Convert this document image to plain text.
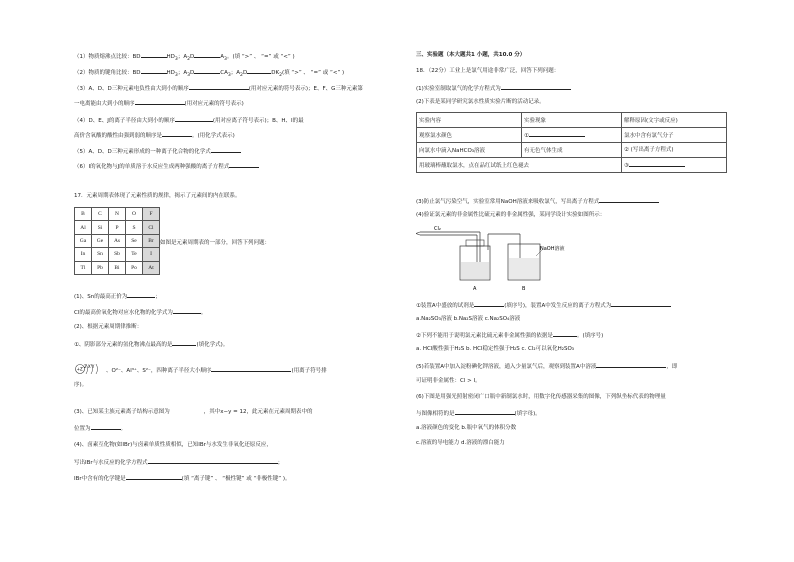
（1）物质熔沸点比较：BD	$HD_3$；$A_2D$	$A_3$。(填 “>” 、 “=” 或 “<” )
（2）物质的键角比较：BD	$HD_3$；$A_3D$	$CA_3$；$A_2D$	$DK_2$(填 “>” 、 “=” 或 “<” )
（3）A、D、D三种元素电负性由大到小的顺序	(用对应元素的符号表示)；E、F、G三种元素第
一电离能由大到小的顺序	(用对应元素的符号表示)
（4）D、E、J的离子半径由大到小的顺序	(用对应离子符号表示)；B、H、I的最
高价含氧酸的酸性由强到弱的顺序是	。(用化学式表示)
（5）A、D、D三种元素形成的一种离子化合物的化学式
（6）I的氧化物与J的单质溶于水反应生成两种强酸的离子方程式
17．元素周期表体现了元素性质的规律，揭示了元素间的内在联系。
B	C	N	O	F
Al	Si	P	S	Cl
Ga	Ge	As	Se	Br
In	Sn	Sb	Te	I
Tl	Pb	Bi	Po	At
如图是元素周期表的一部分，回答下列问题：
(1)、Sn的最高正价为	；
Cl的最高价氧化物对应水化物的化学式为	。
(2)、根据元素周期律推断：
①、阴影部分元素的氢化物沸点最高的是	(填化学式)。
+Z
2 X Y
、O²⁻、Al³⁺、S²⁻，四种离子半径大小顺序	(用离子符号排
序)。
(3)、已知某主族元素离子结构示意图为	，其中x−y = 12，此元素在元素周期表中的
位置为	。
(4)、卤素互化物(如IBr)与卤素单质性质相似，已知IBr与水发生非氧化还原反应，
写出IBr与水反应的化学方程式	；
IBr中含有的化学键是	(填 “离子键” 、 “极性键” 或 “非极性键” )。
三、实验题（本大题共1 小题，共10.0 分）
18．（22分）工业上是氯气用途非常广泛，回答下列问题：
(1)实验室制取氯气的化学方程式为
(2)下表是某同学研究氯水性质实验片断的活动记录。
实验内容	实验现象	解释原因(文字或反应)
观察氯水颜色	①	氯水中含有氯气分子
向氯水中滴入NaHCO₃溶液	有无色气体生成	② (写出离子方程式)
用玻璃棒蘸取氯水，点在品红试纸上红色褪去		③
(3)防止氯气污染空气，实验室常用NaOH溶液来吸收氯气，写出离子方程式
(4)验证氯元素的非金属性比硫元素的非金属性强，某同学设计实验如图所示：
Cl₂
NaOH溶液
A	B
①装置A中盛放的试剂是	(填序号)，装置A中发生反应的离子方程式为
a.Na₂SO₃溶液 b.Na₂S溶液 c.Na₂SO₄溶液
②下列不能用于说明氯元素比硫元素非金属性强的依据是	。(填序号)
a. HCl酸性强于H₂S b. HCl稳定性强于H₂S c. Cl₂可以氧化H₂SO₃
(5)若装置A中加入淀粉碘化钾溶液，通入少量氯气后，观察到装置A中溶液	，即
可证明非金属性：Cl > I。
(6)下图是用强光照射密闭广口瓶中新制氯水时，用数字化传感器采集的图像，下列纵坐标代表的物理量
与图像相符的是	(填字母)。
a.溶液颜色的变化 b.瓶中氧气的体积分数
c.溶液的导电能力 d.溶液的漂白能力
